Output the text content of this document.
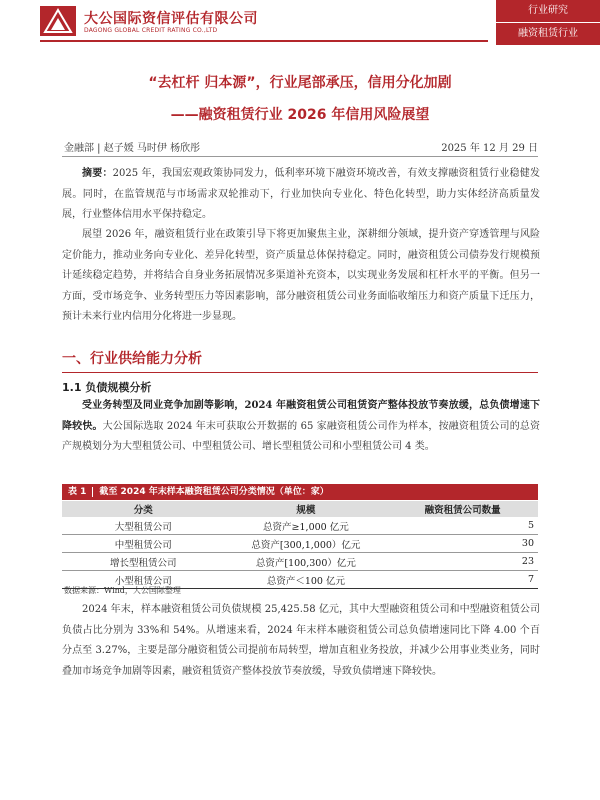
大公国际资信评估有限公司
DAGONG GLOBAL CREDIT RATING CO.,LTD
行业研究
融资租赁行业
“去杠杆 归本源”，行业尾部承压，信用分化加剧
——融资租赁行业 2026 年信用风险展望
金融部 | 赵子媛 马时伊 杨欣彤	2025 年 12 月 29 日
摘要：2025 年，我国宏观政策协同发力，低利率环境下融资环境改善，有效支撑融资租赁行业稳健发展。同时，在监管规范与市场需求双轮推动下，行业加快向专业化、特色化转型，助力实体经济高质量发展，行业整体信用水平保持稳定。
展望 2026 年，融资租赁行业在政策引导下将更加聚焦主业，深耕细分领域，提升资产穿透管理与风险定价能力，推动业务向专业化、差异化转型，资产质量总体保持稳定。同时，融资租赁公司债券发行规模预计延续稳定趋势，并将结合自身业务拓展情况多渠道补充资本，以实现业务发展和杠杆水平的平衡。但另一方面，受市场竞争、业务转型压力等因素影响，部分融资租赁公司业务面临收缩压力和资产质量下迁压力，预计未来行业内信用分化将进一步显现。
一、行业供给能力分析
1.1 负债规模分析
受业务转型及同业竞争加剧等影响，2024 年融资租赁公司租赁资产整体投放节奏放缓，总负债增速下降较快。大公国际选取 2024 年末可获取公开数据的 65 家融资租赁公司作为样本，按融资租赁公司的总资产规模划分为大型租赁公司、中型租赁公司、增长型租赁公司和小型租赁公司 4 类。
表 1 截至 2024 年末样本融资租赁公司分类情况（单位：家）
分类	规模	融资租赁公司数量
大型租赁公司	总资产≥1,000 亿元	5
中型租赁公司	总资产[300,1,000）亿元	30
增长型租赁公司	总资产[100,300）亿元	23
小型租赁公司	总资产＜100 亿元	7
数据来源：Wind，大公国际整理
2024 年末，样本融资租赁公司负债规模 25,425.58 亿元，其中大型融资租赁公司和中型融资租赁公司负债占比分别为 33%和 54%。从增速来看，2024 年末样本融资租赁公司总负债增速同比下降 4.00 个百分点至 3.27%，主要是部分融资租赁公司提前布局转型，增加直租业务投放，并减少公用事业类业务，同时叠加市场竞争加剧等因素，融资租赁资产整体投放节奏放缓，导致负债增速下降较快。
